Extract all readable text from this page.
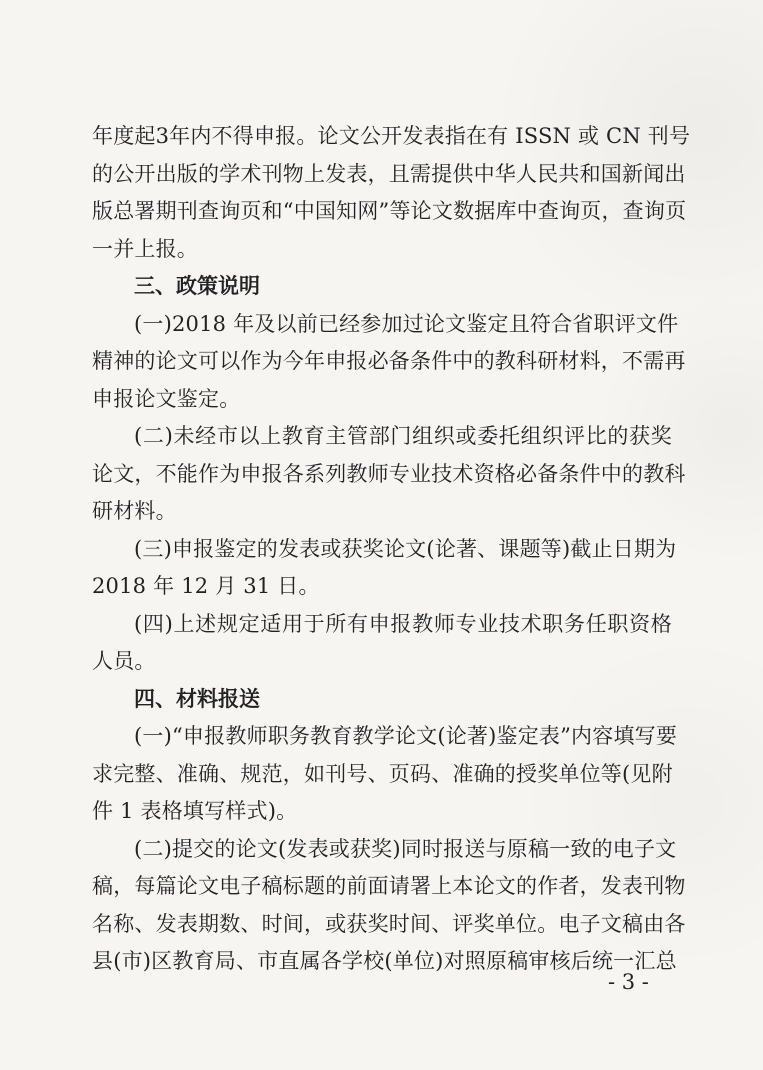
年度起3年内不得申报。论文公开发表指在有 ISSN 或 CN 刊号
的公开出版的学术刊物上发表，且需提供中华人民共和国新闻出
版总署期刊查询页和“中国知网”等论文数据库中查询页，查询页
一并上报。
三、政策说明
(一)2018 年及以前已经参加过论文鉴定且符合省职评文件
精神的论文可以作为今年申报必备条件中的教科研材料，不需再
申报论文鉴定。
(二)未经市以上教育主管部门组织或委托组织评比的获奖
论文，不能作为申报各系列教师专业技术资格必备条件中的教科
研材料。
(三)申报鉴定的发表或获奖论文(论著、课题等)截止日期为
2018 年 12 月 31 日。
(四)上述规定适用于所有申报教师专业技术职务任职资格
人员。
四、材料报送
(一)“申报教师职务教育教学论文(论著)鉴定表”内容填写要
求完整、准确、规范，如刊号、页码、准确的授奖单位等(见附
件 1 表格填写样式)。
(二)提交的论文(发表或获奖)同时报送与原稿一致的电子文
稿，每篇论文电子稿标题的前面请署上本论文的作者，发表刊物
名称、发表期数、时间，或获奖时间、评奖单位。电子文稿由各
县(市)区教育局、市直属各学校(单位)对照原稿审核后统一汇总
- 3 -
